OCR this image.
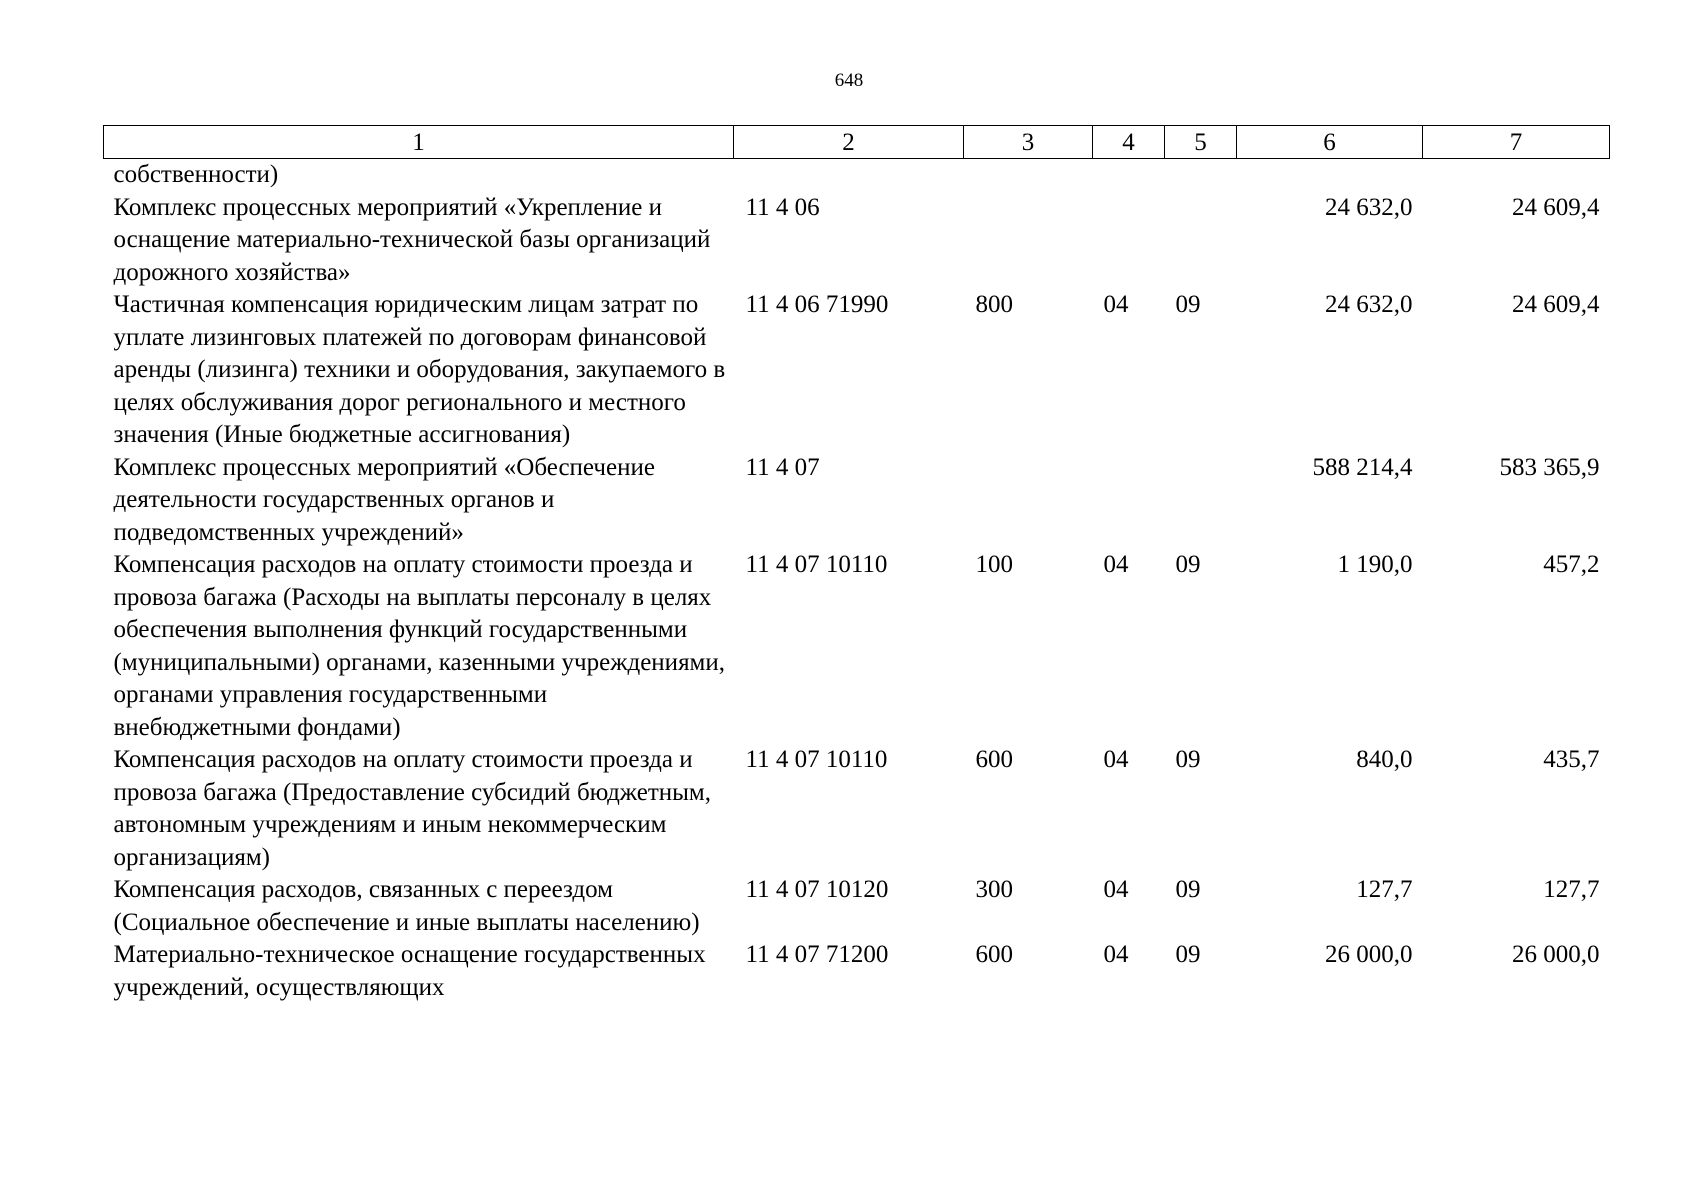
648
1	2	3	4	5	6	7
собственности)						
Комплекс процессных мероприятий «Укрепление и оснащение материально-технической базы организаций дорожного хозяйства»	11 4 06				24 632,0	24 609,4
Частичная компенсация юридическим лицам затрат по уплате лизинговых платежей по договорам финансовой аренды (лизинга) техники и оборудования, закупаемого в целях обслуживания дорог регионального и местного значения (Иные бюджетные ассигнования)	11 4 06 71990	800	04	09	24 632,0	24 609,4
Комплекс процессных мероприятий «Обеспечение деятельности государственных органов и подведомственных учреждений»	11 4 07				588 214,4	583 365,9
Компенсация расходов на оплату стоимости проезда и провоза багажа (Расходы на выплаты персоналу в целях обеспечения выполнения функций государственными (муниципальными) органами, казенными учреждениями, органами управления государственными внебюджетными фондами)	11 4 07 10110	100	04	09	1 190,0	457,2
Компенсация расходов на оплату стоимости проезда и провоза багажа (Предоставление субсидий бюджетным, автономным учреждениям и иным некоммерческим организациям)	11 4 07 10110	600	04	09	840,0	435,7
Компенсация расходов, связанных с переездом (Социальное обеспечение и иные выплаты населению)	11 4 07 10120	300	04	09	127,7	127,7
Материально-техническое оснащение государственных учреждений, осуществляющих	11 4 07 71200	600	04	09	26 000,0	26 000,0
